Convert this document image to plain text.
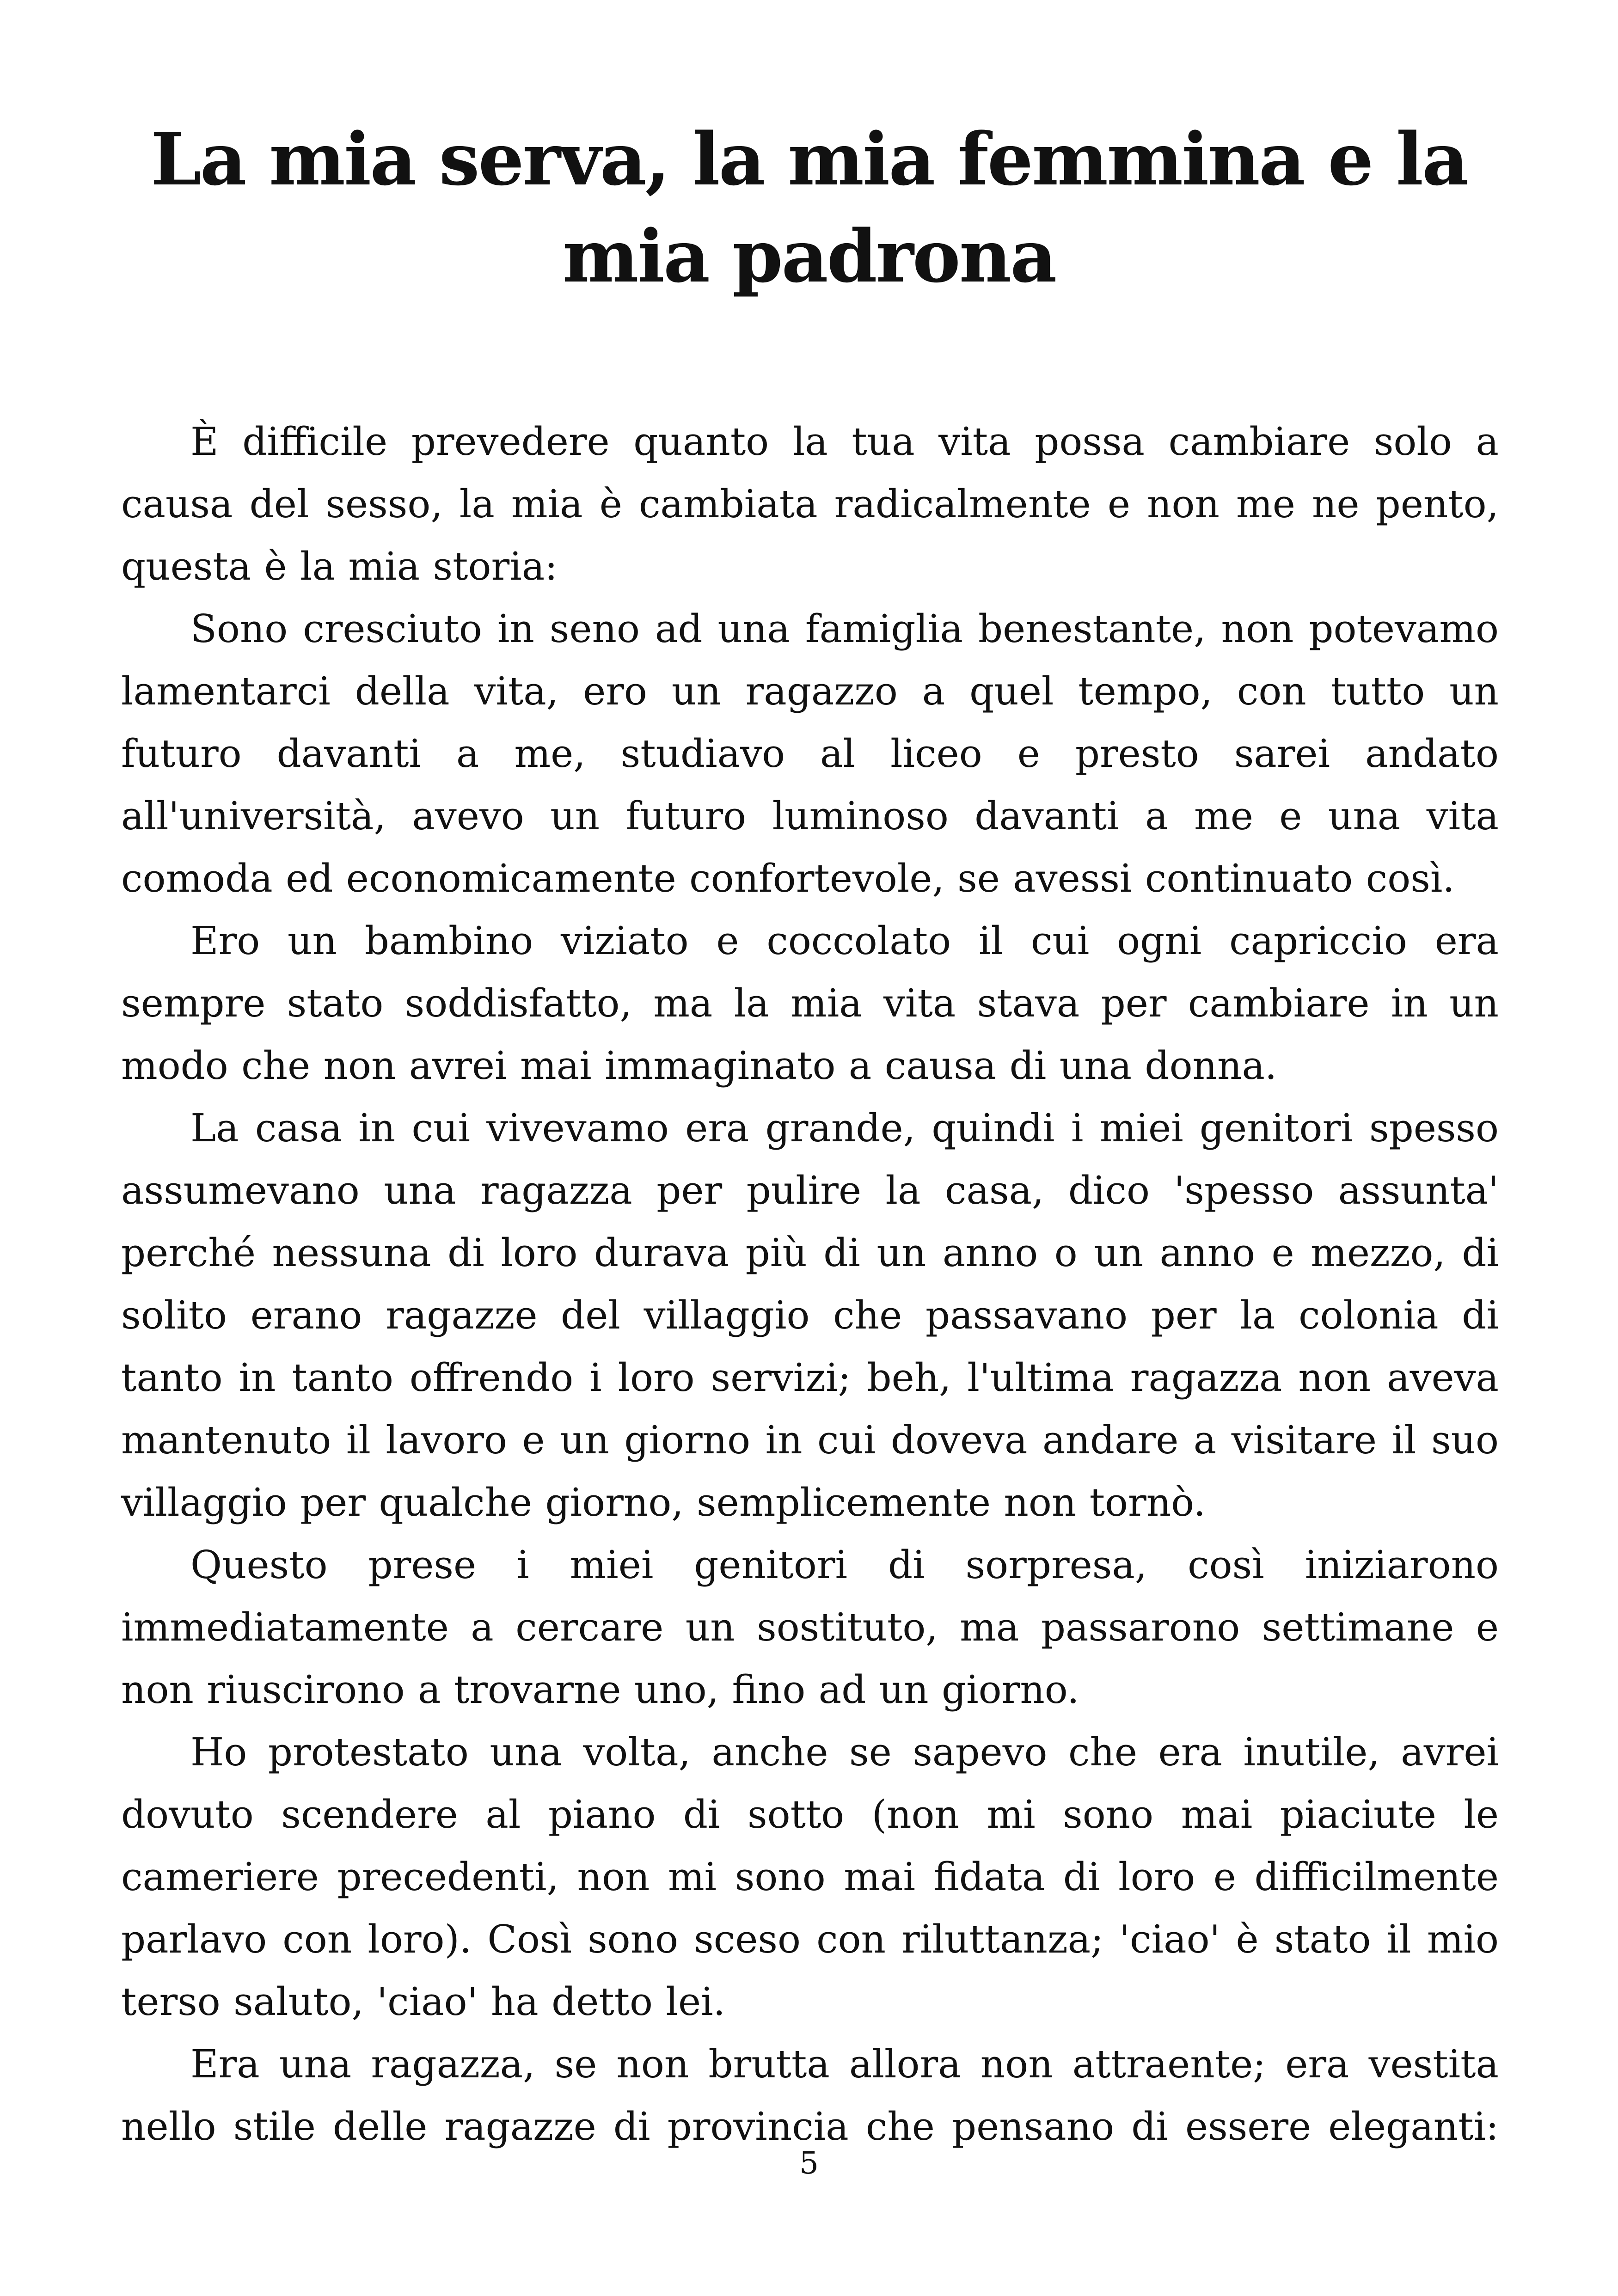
La mia serva, la mia femmina e la mia padrona

È difficile prevedere quanto la tua vita possa cambiare solo a causa del sesso, la mia è cambiata radicalmente e non me ne pento, questa è la mia storia:

Sono cresciuto in seno ad una famiglia benestante, non potevamo lamentarci della vita, ero un ragazzo a quel tempo, con tutto un futuro davanti a me, studiavo al liceo e presto sarei andato all'università, avevo un futuro luminoso davanti a me e una vita comoda ed economicamente confortevole, se avessi continuato così.

Ero un bambino viziato e coccolato il cui ogni capriccio era sempre stato soddisfatto, ma la mia vita stava per cambiare in un modo che non avrei mai immaginato a causa di una donna.

La casa in cui vivevamo era grande, quindi i miei genitori spesso assumevano una ragazza per pulire la casa, dico 'spesso assunta' perché nessuna di loro durava più di un anno o un anno e mezzo, di solito erano ragazze del villaggio che passavano per la colonia di tanto in tanto offrendo i loro servizi; beh, l'ultima ragazza non aveva mantenuto il lavoro e un giorno in cui doveva andare a visitare il suo villaggio per qualche giorno, semplicemente non tornò.

Questo prese i miei genitori di sorpresa, così iniziarono immediatamente a cercare un sostituto, ma passarono settimane e non riuscirono a trovarne uno, fino ad un giorno.

Ho protestato una volta, anche se sapevo che era inutile, avrei dovuto scendere al piano di sotto (non mi sono mai piaciute le cameriere precedenti, non mi sono mai fidata di loro e difficilmente parlavo con loro). Così sono sceso con riluttanza; 'ciao' è stato il mio terso saluto, 'ciao' ha detto lei.

Era una ragazza, se non brutta allora non attraente; era vestita nello stile delle ragazze di provincia che pensano di essere eleganti:

5
